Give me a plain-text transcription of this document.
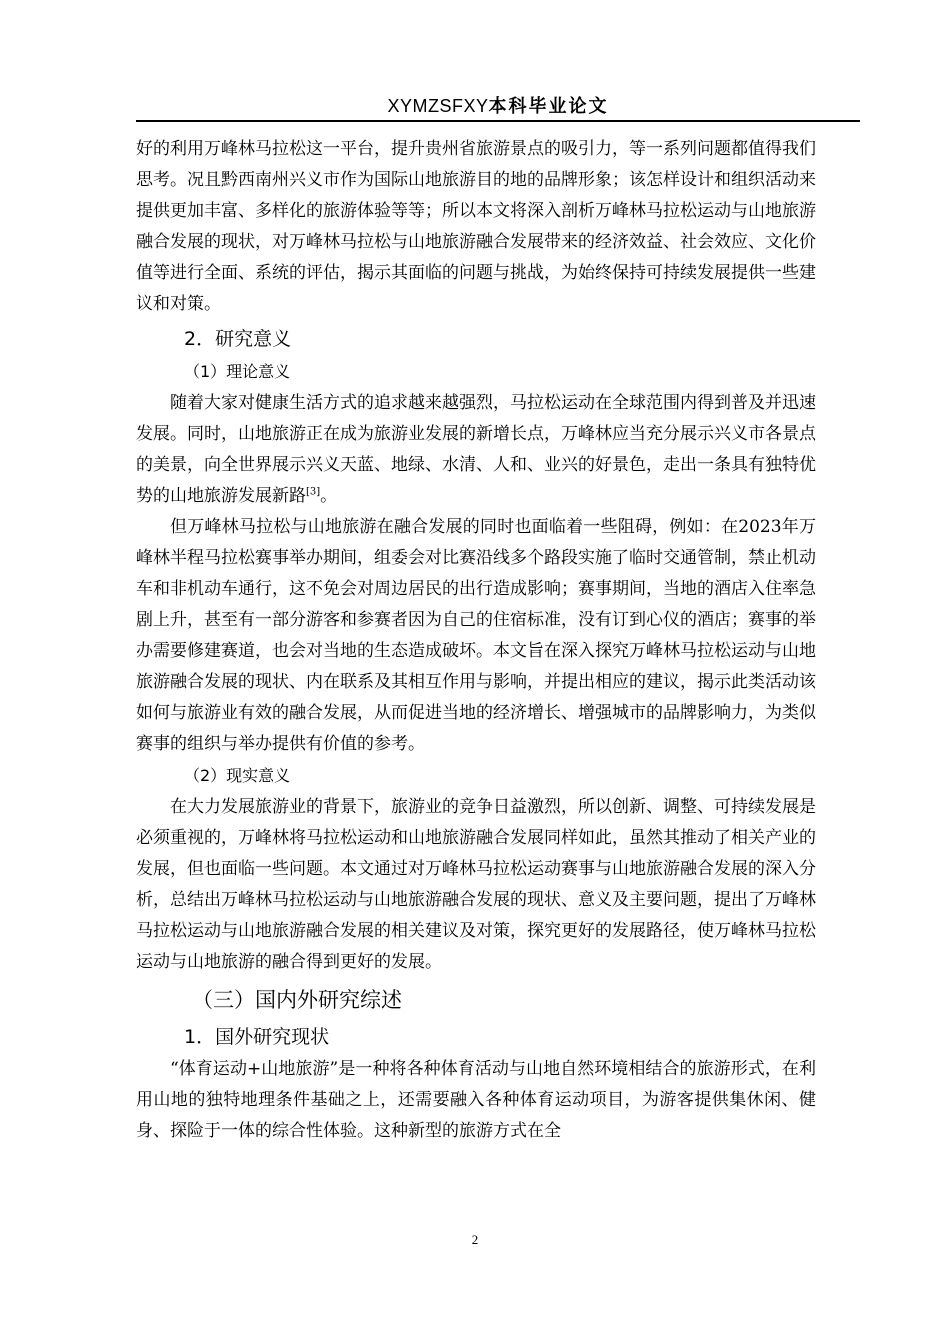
XYMZSFXY本科毕业论文

好的利用万峰林马拉松这一平台，提升贵州省旅游景点的吸引力，等一系列问题都值得我们思考。况且黔西南州兴义市作为国际山地旅游目的地的品牌形象；该怎样设计和组织活动来提供更加丰富、多样化的旅游体验等等；所以本文将深入剖析万峰林马拉松运动与山地旅游融合发展的现状，对万峰林马拉松与山地旅游融合发展带来的经济效益、社会效应、文化价值等进行全面、系统的评估，揭示其面临的问题与挑战，为始终保持可持续发展提供一些建议和对策。

2．研究意义
（1）理论意义

随着大家对健康生活方式的追求越来越强烈，马拉松运动在全球范围内得到普及并迅速发展。同时，山地旅游正在成为旅游业发展的新增长点，万峰林应当充分展示兴义市各景点的美景，向全世界展示兴义天蓝、地绿、水清、人和、业兴的好景色，走出一条具有独特优势的山地旅游发展新路[3]。

但万峰林马拉松与山地旅游在融合发展的同时也面临着一些阻碍，例如：在2023年万峰林半程马拉松赛事举办期间，组委会对比赛沿线多个路段实施了临时交通管制，禁止机动车和非机动车通行，这不免会对周边居民的出行造成影响；赛事期间，当地的酒店入住率急剧上升，甚至有一部分游客和参赛者因为自己的住宿标准，没有订到心仪的酒店；赛事的举办需要修建赛道，也会对当地的生态造成破坏。本文旨在深入探究万峰林马拉松运动与山地旅游融合发展的现状、内在联系及其相互作用与影响，并提出相应的建议，揭示此类活动该如何与旅游业有效的融合发展，从而促进当地的经济增长、增强城市的品牌影响力，为类似赛事的组织与举办提供有价值的参考。

（2）现实意义

在大力发展旅游业的背景下，旅游业的竞争日益激烈，所以创新、调整、可持续发展是必须重视的，万峰林将马拉松运动和山地旅游融合发展同样如此，虽然其推动了相关产业的发展，但也面临一些问题。本文通过对万峰林马拉松运动赛事与山地旅游融合发展的深入分析，总结出万峰林马拉松运动与山地旅游融合发展的现状、意义及主要问题，提出了万峰林马拉松运动与山地旅游融合发展的相关建议及对策，探究更好的发展路径，使万峰林马拉松运动与山地旅游的融合得到更好的发展。

（三）国内外研究综述
1．国外研究现状

“体育运动+山地旅游”是一种将各种体育活动与山地自然环境相结合的旅游形式，在利用山地的独特地理条件基础之上，还需要融入各种体育运动项目，为游客提供集休闲、健身、探险于一体的综合性体验。这种新型的旅游方式在全

2
